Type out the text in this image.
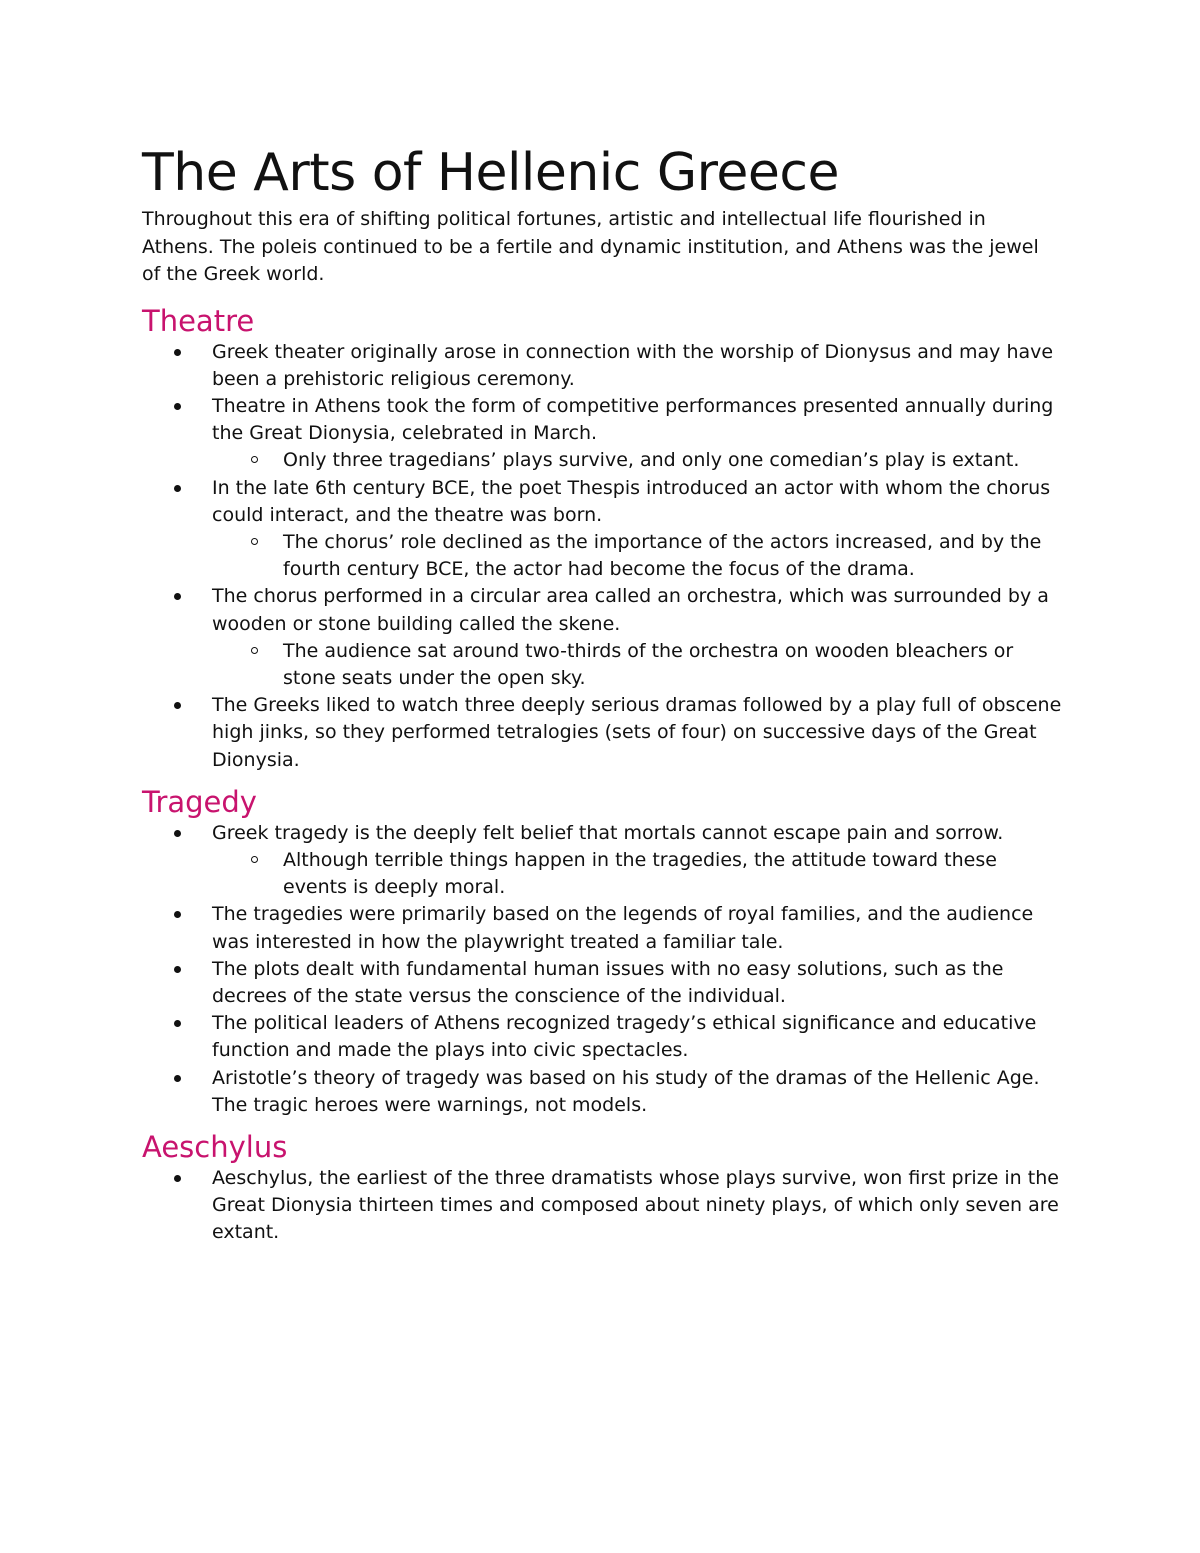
The Arts of Hellenic Greece

Throughout this era of shifting political fortunes, artistic and intellectual life flourished in Athens. The poleis continued to be a fertile and dynamic institution, and Athens was the jewel of the Greek world.

Theatre
Greek theater originally arose in connection with the worship of Dionysus and may have been a prehistoric religious ceremony.
Theatre in Athens took the form of competitive performances presented annually during the Great Dionysia, celebrated in March.
Only three tragedians’ plays survive, and only one comedian’s play is extant.
In the late 6th century BCE, the poet Thespis introduced an actor with whom the chorus could interact, and the theatre was born.
The chorus’ role declined as the importance of the actors increased, and by the fourth century BCE, the actor had become the focus of the drama.
The chorus performed in a circular area called an orchestra, which was surrounded by a wooden or stone building called the skene.
The audience sat around two-thirds of the orchestra on wooden bleachers or stone seats under the open sky.
The Greeks liked to watch three deeply serious dramas followed by a play full of obscene high jinks, so they performed tetralogies (sets of four) on successive days of the Great Dionysia.
Tragedy
Greek tragedy is the deeply felt belief that mortals cannot escape pain and sorrow.
Although terrible things happen in the tragedies, the attitude toward these events is deeply moral.
The tragedies were primarily based on the legends of royal families, and the audience was interested in how the playwright treated a familiar tale.
The plots dealt with fundamental human issues with no easy solutions, such as the decrees of the state versus the conscience of the individual.
The political leaders of Athens recognized tragedy’s ethical significance and educative function and made the plays into civic spectacles.
Aristotle’s theory of tragedy was based on his study of the dramas of the Hellenic Age. The tragic heroes were warnings, not models.
Aeschylus
Aeschylus, the earliest of the three dramatists whose plays survive, won first prize in the Great Dionysia thirteen times and composed about ninety plays, of which only seven are extant.
